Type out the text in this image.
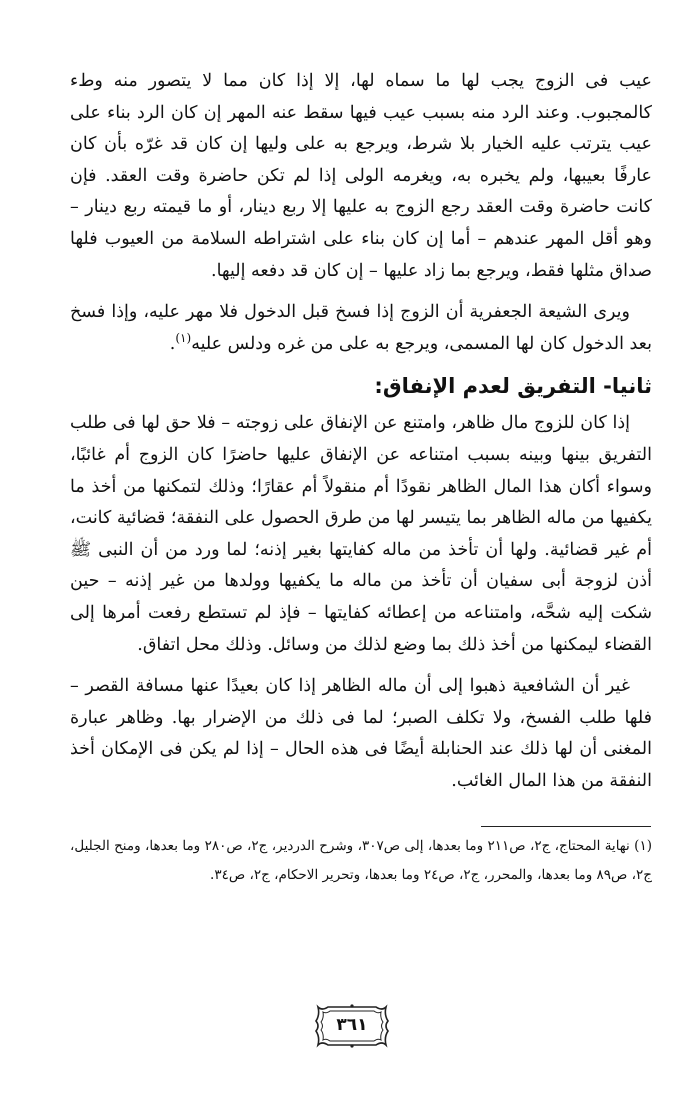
عيب فى الزوج يجب لها ما سماه لها، إلا إذا كان مما لا يتصور منه وطء كالمجبوب. وعند الرد منه بسبب عيب فيها سقط عنه المهر إن كان الرد بناء على عيب يترتب عليه الخيار بلا شرط، ويرجع به على وليها إن كان قد غرّه بأن كان عارفًا بعيبها، ولم يخبره به، ويغرمه الولى إذا لم تكن حاضرة وقت العقد. فإن كانت حاضرة وقت العقد رجع الزوج به عليها إلا ربع دينار، أو ما قيمته ربع دينار – وهو أقل المهر عندهم – أما إن كان بناء على اشتراطه السلامة من العيوب فلها صداق مثلها فقط، ويرجع بما زاد عليها – إن كان قد دفعه إليها.

ويرى الشيعة الجعفرية أن الزوج إذا فسخ قبل الدخول فلا مهر عليه، وإذا فسخ بعد الدخول كان لها المسمى، ويرجع به على من غره ودلس عليه$^{(١)}$.

ثانيا- التفريق لعدم الإنفاق:

إذا كان للزوج مال ظاهر، وامتنع عن الإنفاق على زوجته – فلا حق لها فى طلب التفريق بينها وبينه بسبب امتناعه عن الإنفاق عليها حاضرًا كان الزوج أم غائبًا، وسواء أكان هذا المال الظاهر نقودًا أم منقولاً أم عقارًا؛ وذلك لتمكنها من أخذ ما يكفيها من ماله الظاهر بما يتيسر لها من طرق الحصول على النفقة؛ قضائية كانت، أم غير قضائية. ولها أن تأخذ من ماله كفايتها بغير إذنه؛ لما ورد من أن النبى ﷺ أذن لزوجة أبى سفيان أن تأخذ من ماله ما يكفيها وولدها من غير إذنه – حين شكت إليه شحَّه، وامتناعه من إعطائه كفايتها – فإذ لم تستطع رفعت أمرها إلى القضاء ليمكنها من أخذ ذلك بما وضع لذلك من وسائل. وذلك محل اتفاق.

غير أن الشافعية ذهبوا إلى أن ماله الظاهر إذا كان بعيدًا عنها مسافة القصر – فلها طلب الفسخ، ولا تكلف الصبر؛ لما فى ذلك من الإضرار بها. وظاهر عبارة المغنى أن لها ذلك عند الحنابلة أيضًا فى هذه الحال – إذا لم يكن فى الإمكان أخذ النفقة من هذا المال الغائب.

(١) نهاية المحتاج، ج٢، ص٢١١ وما بعدها، إلى ص٣٠٧، وشرح الدردير، ج٢، ص٢٨٠ وما بعدها، ومنح الجليل، ج٢، ص٨٩ وما بعدها، والمحرر، ج٢، ص٢٤ وما بعدها، وتحرير الاحكام، ج٢، ص٣٤.
٣٦١
